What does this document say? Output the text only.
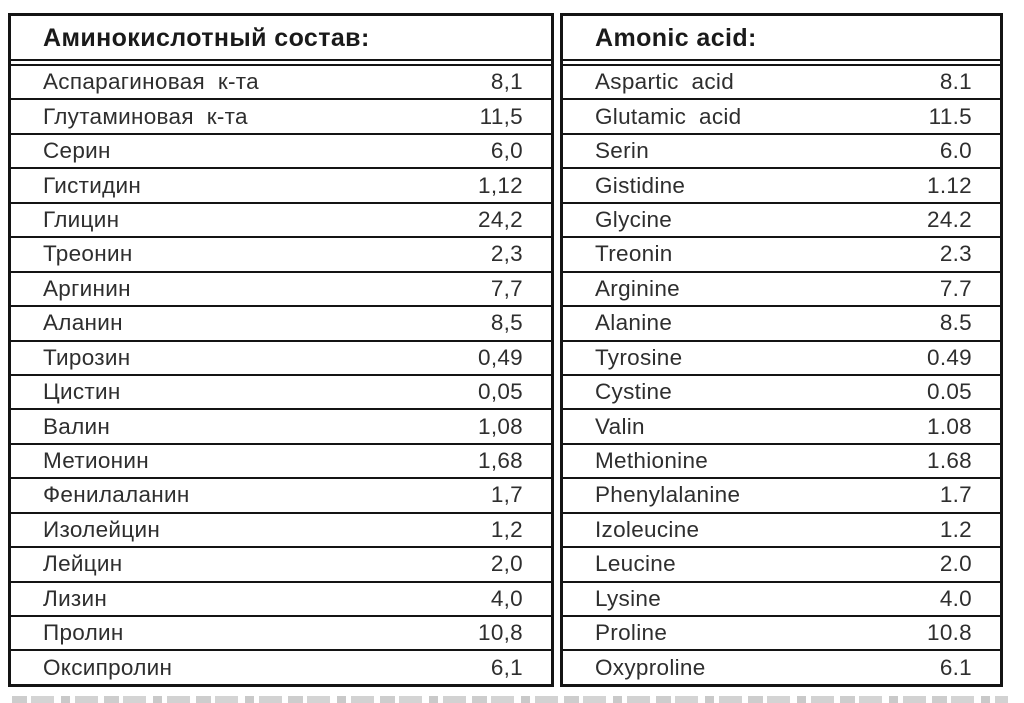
Аминокислотный состав:
Аспарагиновая к-та	8,1
Глутаминовая к-та	11,5
Серин	6,0
Гистидин	1,12
Глицин	24,2
Треонин	2,3
Аргинин	7,7
Аланин	8,5
Тирозин	0,49
Цистин	0,05
Валин	1,08
Метионин	1,68
Фенилаланин	1,7
Изолейцин	1,2
Лейцин	2,0
Лизин	4,0
Пролин	10,8
Оксипролин	6,1
Amonic acid:
Aspartic acid	8.1
Glutamic acid	11.5
Serin	6.0
Gistidine	1.12
Glycine	24.2
Treonin	2.3
Arginine	7.7
Alanine	8.5
Tyrosine	0.49
Cystine	0.05
Valin	1.08
Methionine	1.68
Phenylalanine	1.7
Izoleucine	1.2
Leucine	2.0
Lysine	4.0
Proline	10.8
Oxyproline	6.1
